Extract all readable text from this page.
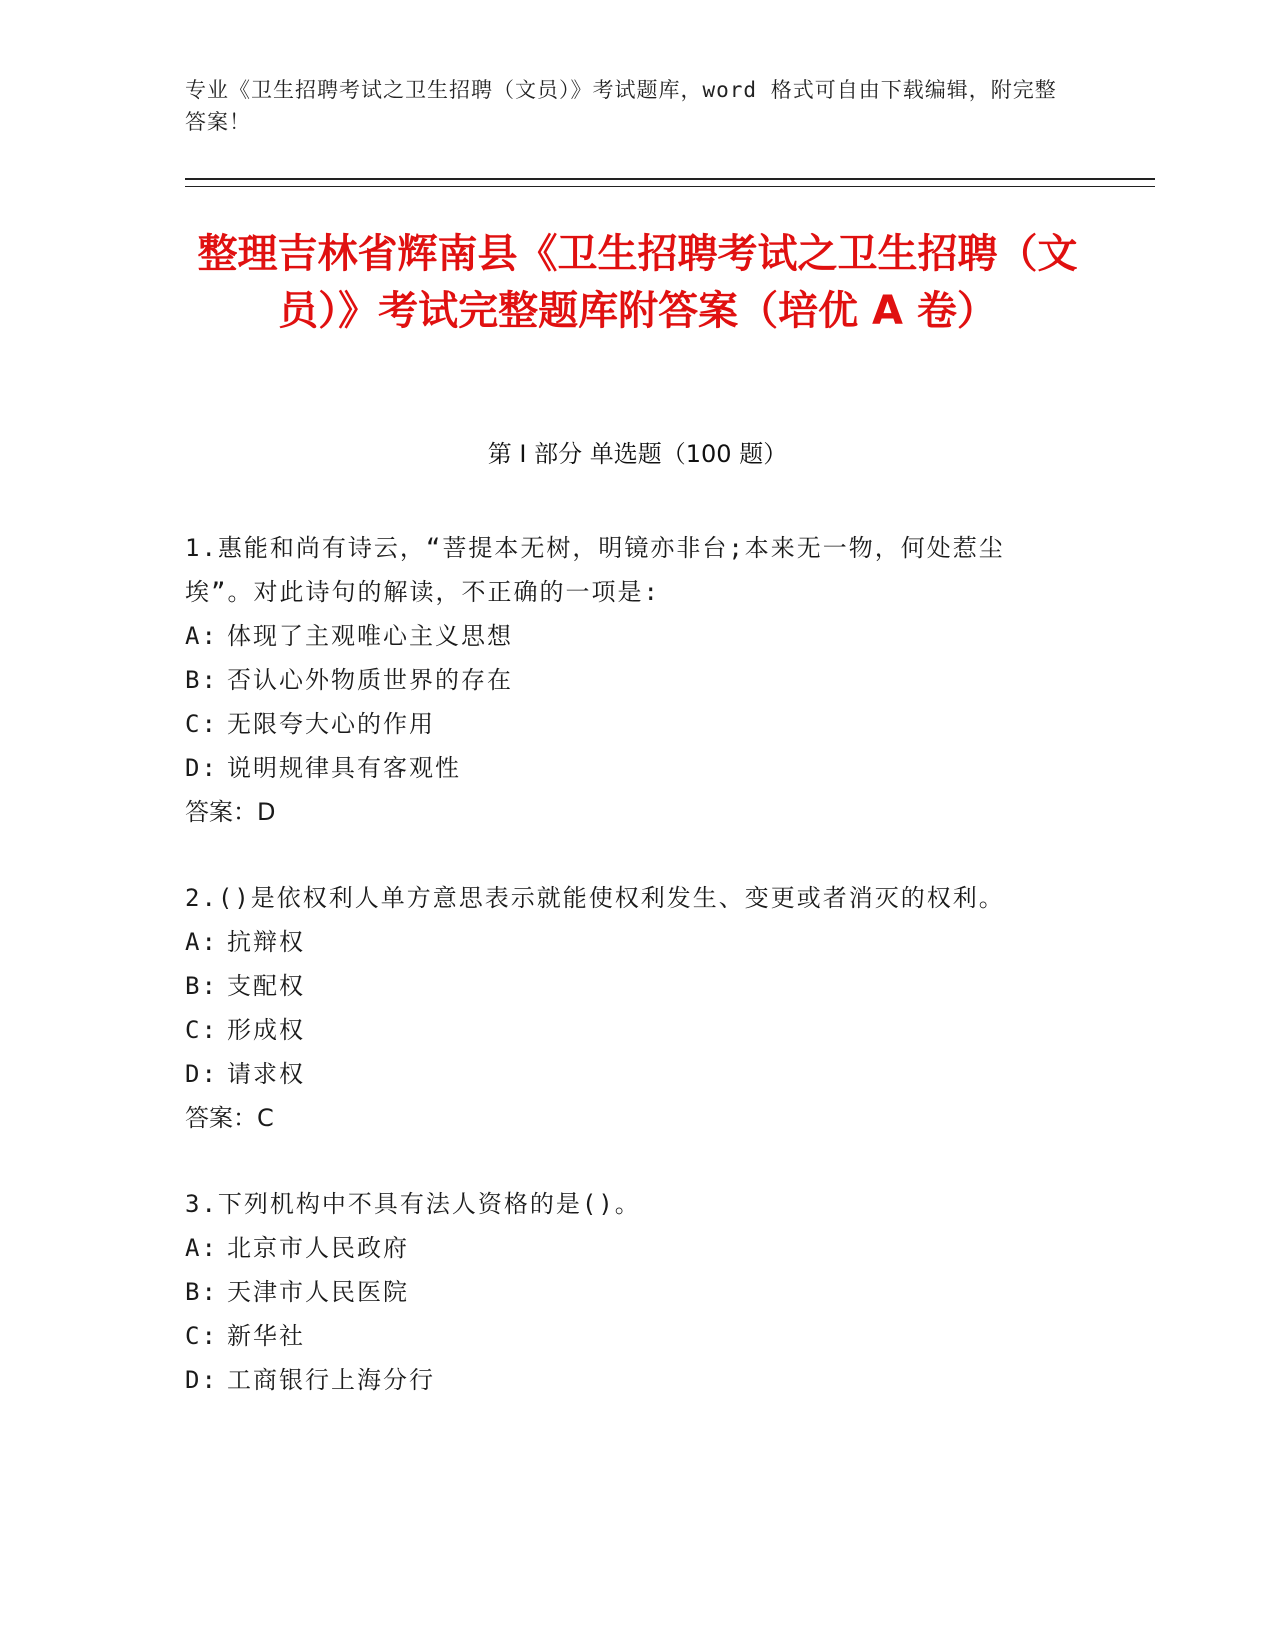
专业《卫生招聘考试之卫生招聘（文员）》考试题库，word 格式可自由下载编辑，附完整答案！
整理吉林省辉南县《卫生招聘考试之卫生招聘（文员）》考试完整题库附答案（培优 A 卷）
第 I 部分 单选题（100 题）

1.惠能和尚有诗云，“菩提本无树，明镜亦非台;本来无一物，何处惹尘埃”。对此诗句的解读，不正确的一项是:

A: 体现了主观唯心主义思想

B: 否认心外物质世界的存在

C: 无限夸大心的作用

D: 说明规律具有客观性

答案：D

2.()是依权利人单方意思表示就能使权利发生、变更或者消灭的权利。

A: 抗辩权

B: 支配权

C: 形成权

D: 请求权

答案：C

3.下列机构中不具有法人资格的是()。

A: 北京市人民政府

B: 天津市人民医院

C: 新华社

D: 工商银行上海分行
